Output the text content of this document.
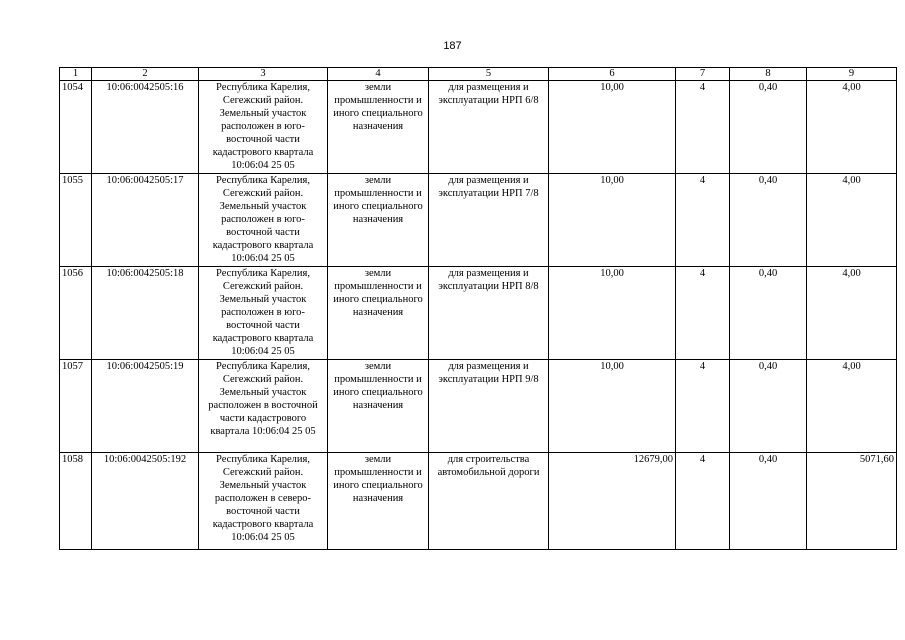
187
1	2	3	4	5	6	7	8	9
1054	10:06:0042505:16	Республика Карелия, Сегежский район. Земельный участок расположен в юго-восточной части кадастрового квартала 10:06:04 25 05	земли промышленности и иного специального назначения	для размещения и эксплуатации НРП 6/8	10,00	4	0,40	4,00
1055	10:06:0042505:17	Республика Карелия, Сегежский район. Земельный участок расположен в юго-восточной части кадастрового квартала 10:06:04 25 05	земли промышленности и иного специального назначения	для размещения и эксплуатации НРП 7/8	10,00	4	0,40	4,00
1056	10:06:0042505:18	Республика Карелия, Сегежский район. Земельный участок расположен в юго-восточной части кадастрового квартала 10:06:04 25 05	земли промышленности и иного специального назначения	для размещения и эксплуатации НРП 8/8	10,00	4	0,40	4,00
1057	10:06:0042505:19	Республика Карелия, Сегежский район. Земельный участок расположен в восточной части кадастрового квартала 10:06:04 25 05	земли промышленности и иного специального назначения	для размещения и эксплуатации НРП 9/8	10,00	4	0,40	4,00
1058	10:06:0042505:192	Республика Карелия, Сегежский район. Земельный участок расположен в северо-восточной части кадастрового квартала 10:06:04 25 05	земли промышленности и иного специального назначения	для строительства автомобильной дороги	12679,00	4	0,40	5071,60
